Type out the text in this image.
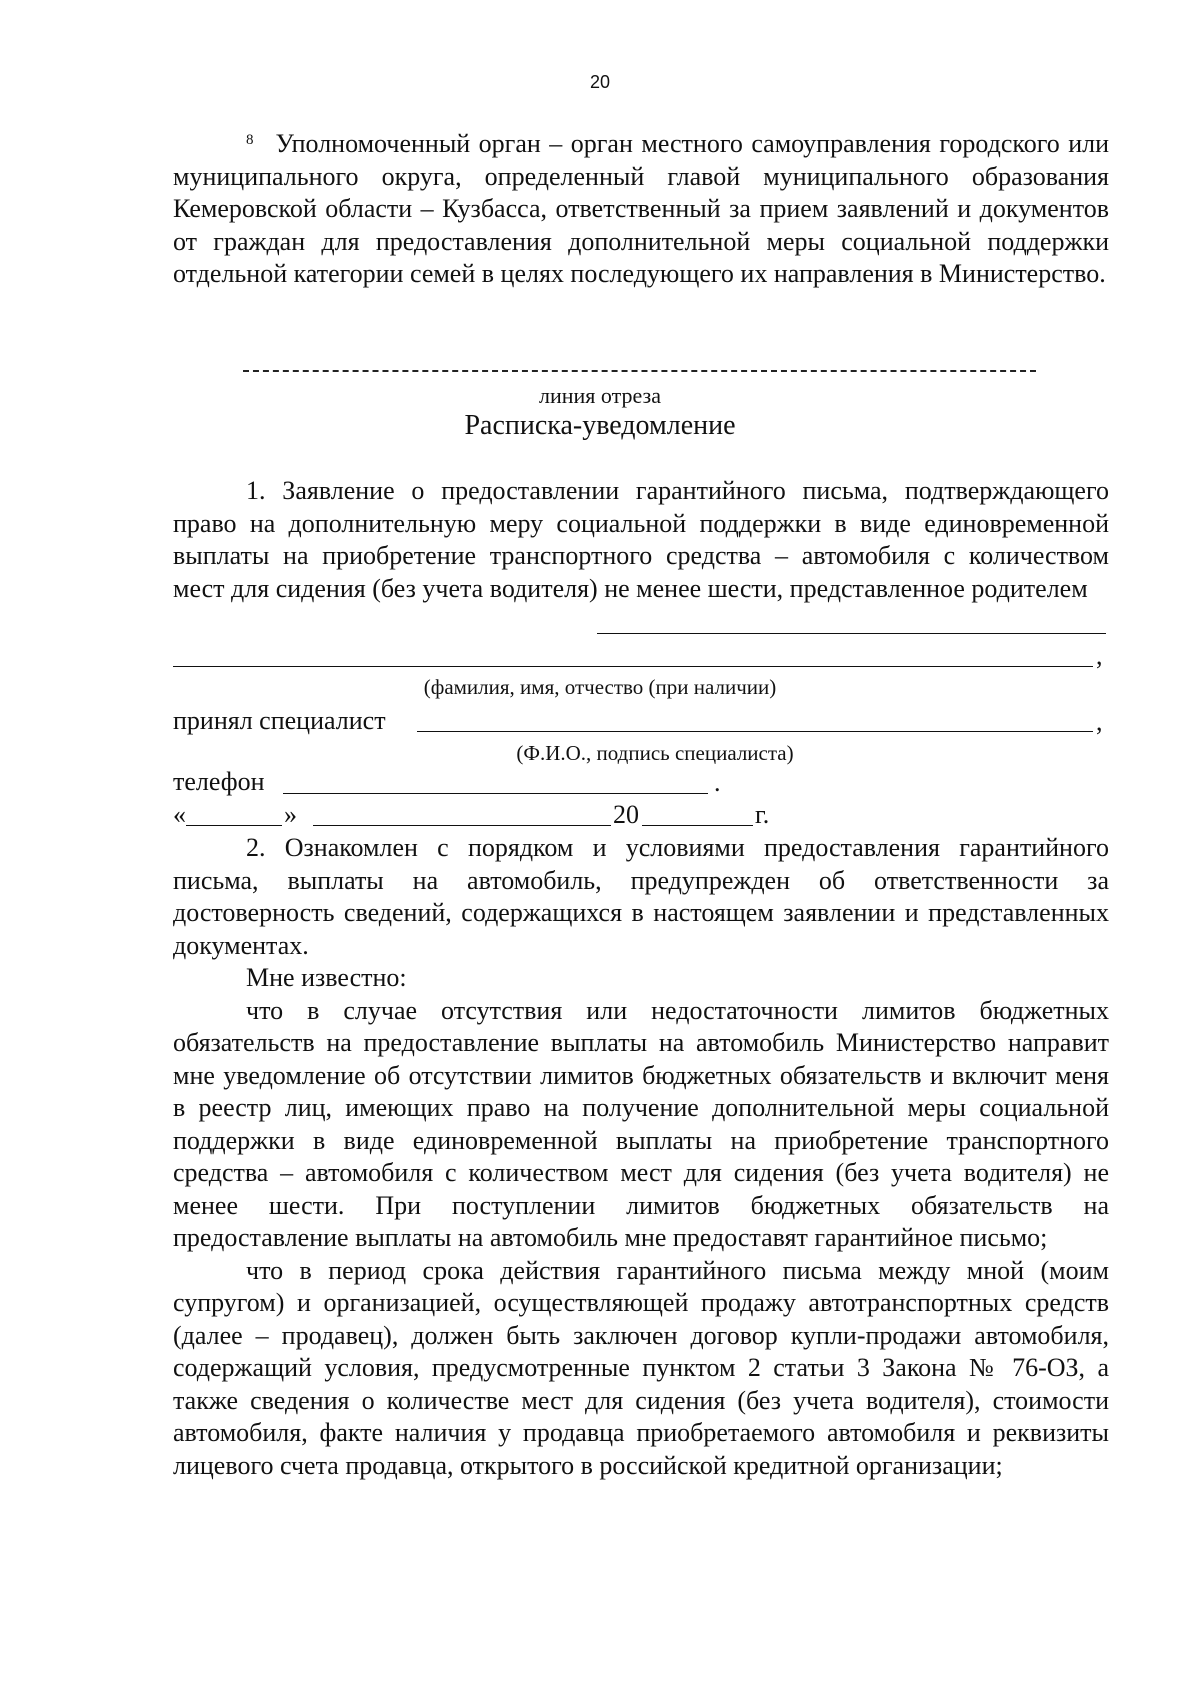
20

$^8$ Уполномоченный орган – орган местного самоуправления городского или муниципального округа, определенный главой муниципального образования Кемеровской области – Кузбасса, ответственный за прием заявлений и документов от граждан для предоставления дополнительной меры социальной поддержки отдельной категории семей в целях последующего их направления в Министерство.

линия отреза
Расписка-уведомление

1. Заявление о предоставлении гарантийного письма, подтверждающего право на дополнительную меру социальной поддержки в виде единовременной выплаты на приобретение транспортного средства – автомобиля с количеством мест для сидения (без учета водителя) не менее шести, представленное родителем

,
(фамилия, имя, отчество (при наличии)
принял специалист	,
(Ф.И.О., подпись специалиста)
телефон	.
«	»	20	г.

2. Ознакомлен с порядком и условиями предоставления гарантийного письма, выплаты на автомобиль, предупрежден об ответственности за достоверность сведений, содержащихся в настоящем заявлении и представленных документах.

Мне известно:

что в случае отсутствия или недостаточности лимитов бюджетных обязательств на предоставление выплаты на автомобиль Министерство направит мне уведомление об отсутствии лимитов бюджетных обязательств и включит меня в реестр лиц, имеющих право на получение дополнительной меры социальной поддержки в виде единовременной выплаты на приобретение транспортного средства – автомобиля с количеством мест для сидения (без учета водителя) не менее шести. При поступлении лимитов бюджетных обязательств на предоставление выплаты на автомобиль мне предоставят гарантийное письмо;

что в период срока действия гарантийного письма между мной (моим супругом) и организацией, осуществляющей продажу автотранспортных средств (далее – продавец), должен быть заключен договор купли-продажи автомобиля, содержащий условия, предусмотренные пунктом 2 статьи 3 Закона № 76-ОЗ, а также сведения о количестве мест для сидения (без учета водителя), стоимости автомобиля, факте наличия у продавца приобретаемого автомобиля и реквизиты лицевого счета продавца, открытого в российской кредитной организации;
